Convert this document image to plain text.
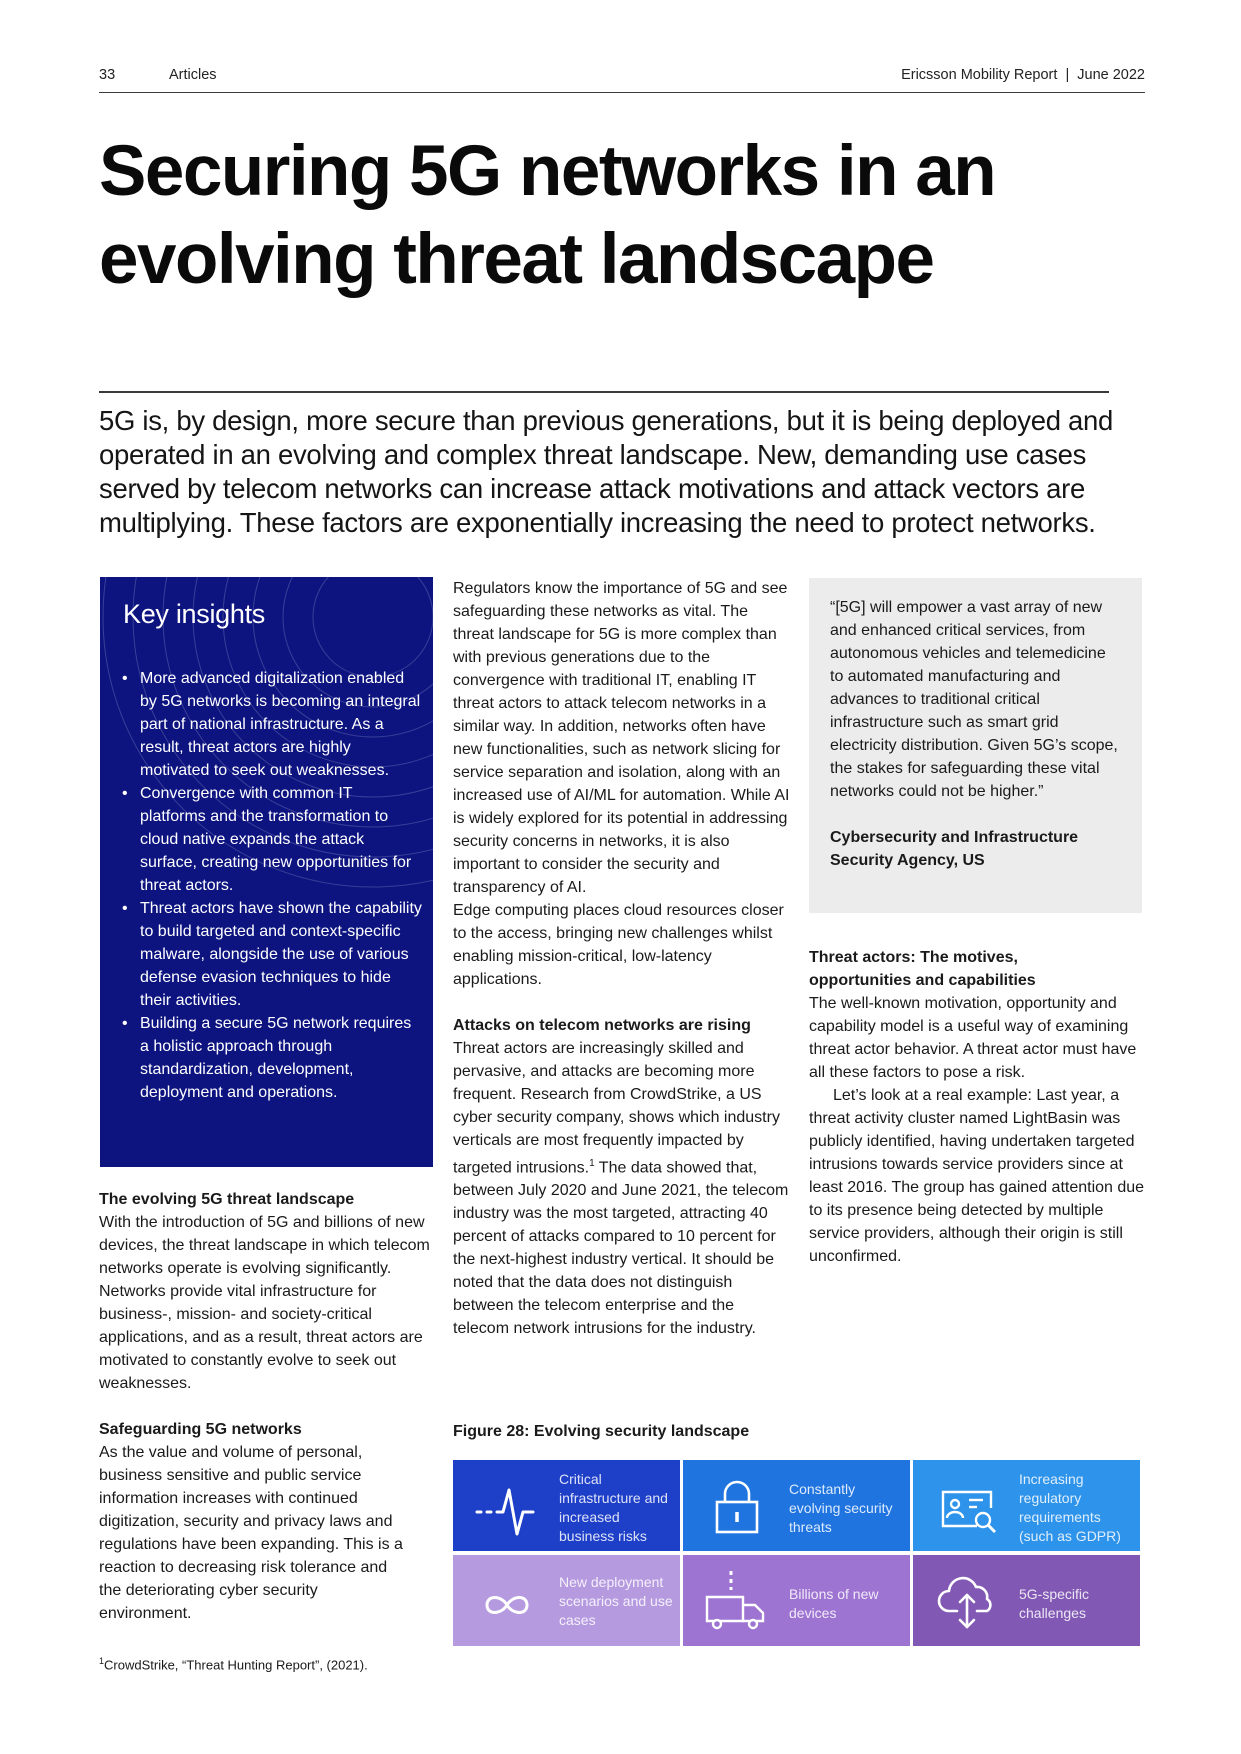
33	Articles	Ericsson Mobility Report  |  June 2022
Securing 5G networks in an evolving threat landscape

5G is, by design, more secure than previous generations, but it is being deployed and operated in an evolving and complex threat landscape. New, demanding use cases served by telecom networks can increase attack motivations and attack vectors are multiplying. These factors are exponentially increasing the need to protect networks.

Key insights
• More advanced digitalization enabled by 5G networks is becoming an integral part of national infrastructure. As a result, threat actors are highly motivated to seek out weaknesses.
• Convergence with common IT platforms and the transformation to cloud native expands the attack surface, creating new opportunities for threat actors.
• Threat actors have shown the capability to build targeted and context-specific malware, alongside the use of various defense evasion techniques to hide their activities.
• Building a secure 5G network requires a holistic approach through standardization, development, deployment and operations.
The evolving 5G threat landscape

With the introduction of 5G and billions of new devices, the threat landscape in which telecom networks operate is evolving significantly. Networks provide vital infrastructure for business-, mission- and society-critical applications, and as a result, threat actors are motivated to constantly evolve to seek out weaknesses.

Safeguarding 5G networks

As the value and volume of personal, business sensitive and public service information increases with continued digitization, security and privacy laws and regulations have been expanding. This is a reaction to decreasing risk tolerance and the deteriorating cyber security environment.

Regulators know the importance of 5G and see safeguarding these networks as vital. The threat landscape for 5G is more complex than with previous generations due to the convergence with traditional IT, enabling IT threat actors to attack telecom networks in a similar way. In addition, networks often have new functionalities, such as network slicing for service separation and isolation, along with an increased use of AI/ML for automation. While AI is widely explored for its potential in addressing security concerns in networks, it is also important to consider the security and transparency of AI.

Edge computing places cloud resources closer to the access, bringing new challenges whilst enabling mission-critical, low-latency applications.

Attacks on telecom networks are rising

Threat actors are increasingly skilled and pervasive, and attacks are becoming more frequent. Research from CrowdStrike, a US cyber security company, shows which industry verticals are most frequently impacted by targeted intrusions.$^1$ The data showed that, between July 2020 and June 2021, the telecom industry was the most targeted, attracting 40 percent of attacks compared to 10 percent for the next-highest industry vertical. It should be noted that the data does not distinguish between the telecom enterprise and the telecom network intrusions for the industry.

“[5G] will empower a vast array of new and enhanced critical services, from autonomous vehicles and telemedicine to automated manufacturing and advances to traditional critical infrastructure such as smart grid electricity distribution. Given 5G’s scope, the stakes for safeguarding these vital networks could not be higher.”

Cybersecurity and Infrastructure Security Agency, US

Threat actors: The motives, opportunities and capabilities

The well-known motivation, opportunity and capability model is a useful way of examining threat actor behavior. A threat actor must have all these factors to pose a risk.

Let’s look at a real example: Last year, a threat activity cluster named LightBasin was publicly identified, having undertaken targeted intrusions towards service providers since at least 2016. The group has gained attention due to its presence being detected by multiple service providers, although their origin is still unconfirmed.

Figure 28: Evolving security landscape
Critical infrastructure and increased business risks
Constantly evolving security threats
Increasing regulatory requirements (such as GDPR)
New deployment scenarios and use cases
Billions of new devices
5G-specific challenges
$^1$CrowdStrike, “Threat Hunting Report”, (2021).
